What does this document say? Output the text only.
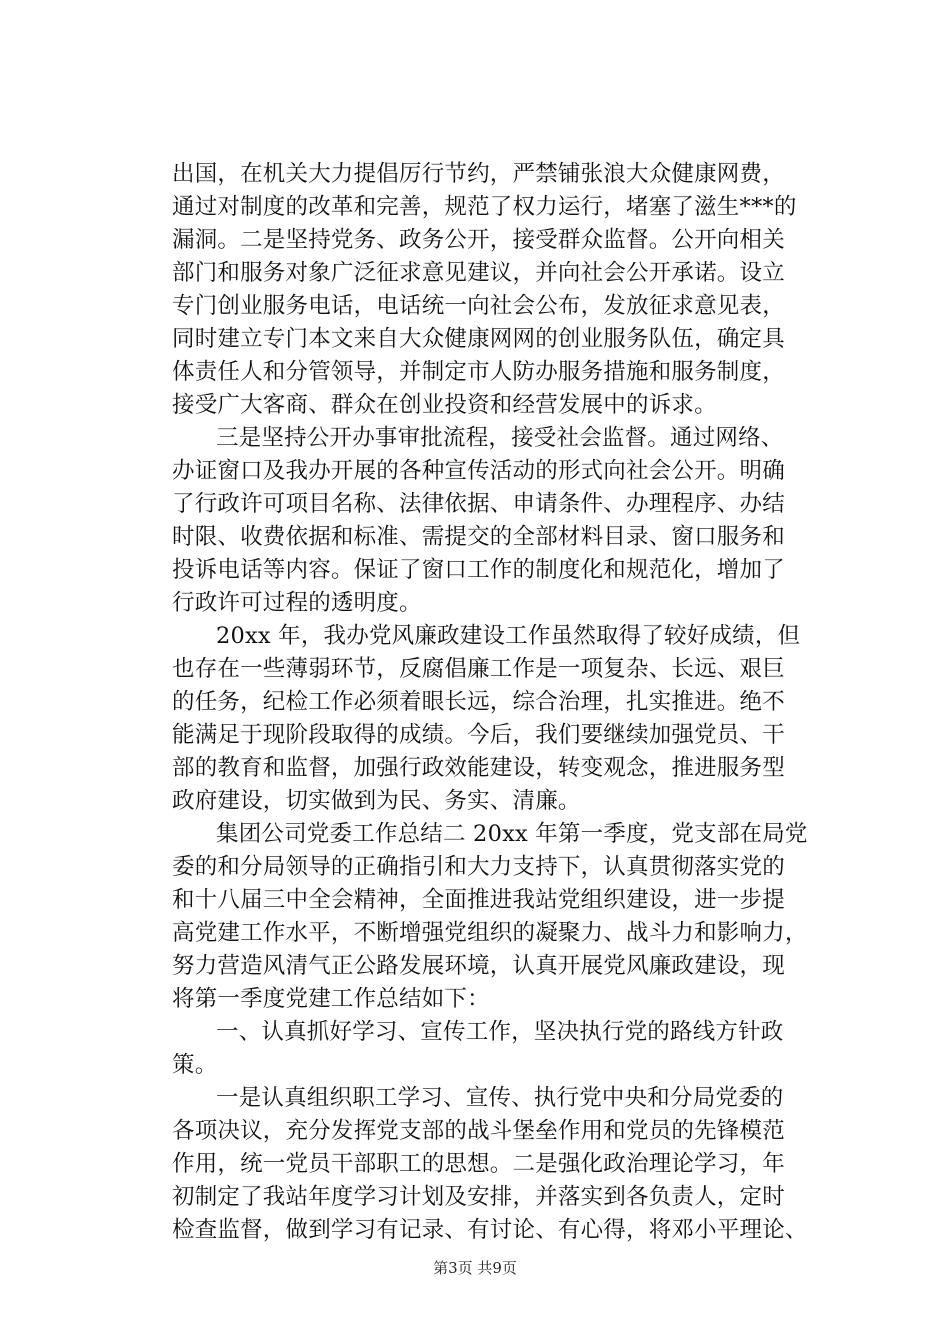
出国，在机关大力提倡厉行节约，严禁铺张浪大众健康网费，
通过对制度的改革和完善，规范了权力运行，堵塞了滋生***的
漏洞。二是坚持党务、政务公开，接受群众监督。公开向相关
部门和服务对象广泛征求意见建议，并向社会公开承诺。设立
专门创业服务电话，电话统一向社会公布，发放征求意见表，
同时建立专门本文来自大众健康网网的创业服务队伍，确定具
体责任人和分管领导，并制定市人防办服务措施和服务制度，
接受广大客商、群众在创业投资和经营发展中的诉求。
三是坚持公开办事审批流程，接受社会监督。通过网络、
办证窗口及我办开展的各种宣传活动的形式向社会公开。明确
了行政许可项目名称、法律依据、申请条件、办理程序、办结
时限、收费依据和标准、需提交的全部材料目录、窗口服务和
投诉电话等内容。保证了窗口工作的制度化和规范化，增加了
行政许可过程的透明度。
20xx 年，我办党风廉政建设工作虽然取得了较好成绩，但
也存在一些薄弱环节，反腐倡廉工作是一项复杂、长远、艰巨
的任务，纪检工作必须着眼长远，综合治理，扎实推进。绝不
能满足于现阶段取得的成绩。今后，我们要继续加强党员、干
部的教育和监督，加强行政效能建设，转变观念，推进服务型
政府建设，切实做到为民、务实、清廉。
集团公司党委工作总结二 20xx 年第一季度，党支部在局党
委的和分局领导的正确指引和大力支持下，认真贯彻落实党的
和十八届三中全会精神，全面推进我站党组织建设，进一步提
高党建工作水平，不断增强党组织的凝聚力、战斗力和影响力，
努力营造风清气正公路发展环境，认真开展党风廉政建设，现
将第一季度党建工作总结如下：
一、认真抓好学习、宣传工作，坚决执行党的路线方针政
策。
一是认真组织职工学习、宣传、执行党中央和分局党委的
各项决议，充分发挥党支部的战斗堡垒作用和党员的先锋模范
作用，统一党员干部职工的思想。二是强化政治理论学习，年
初制定了我站年度学习计划及安排，并落实到各负责人，定时
检查监督，做到学习有记录、有讨论、有心得，将邓小平理论、
第3页 共9页
